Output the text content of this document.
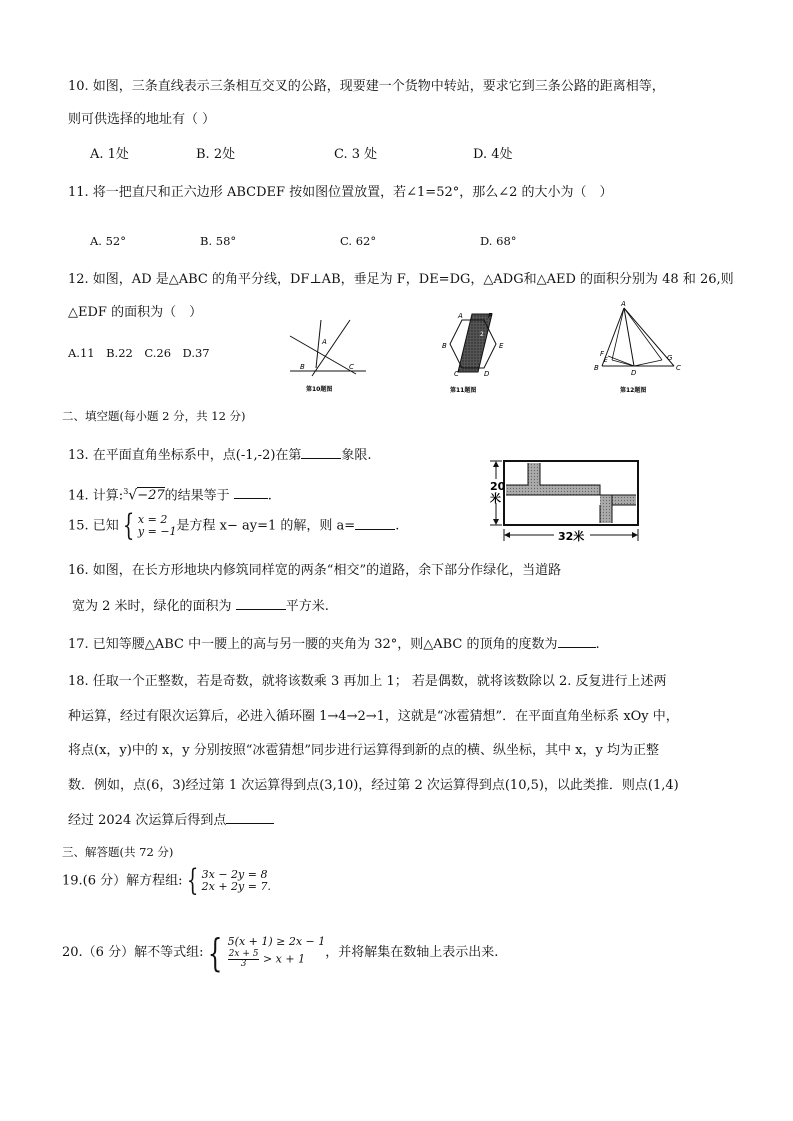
10. 如图，三条直线表示三条相互交叉的公路，现要建一个货物中转站，要求它到三条公路的距离相等，
则可供选择的地址有（ ）
A. 1处	B. 2处	C. 3 处	D. 4处
11. 将一把直尺和正六边形 ABCDEF 按如图位置放置，若∠1=52°，那么∠2 的大小为（　）
A. 52°	B. 58°	C. 62°	D. 68°
12. 如图，AD 是△ABC 的角平分线，DF⊥AB，垂足为 F，DE=DG，△ADG和△AED 的面积分别为 48 和 26,则
△EDF 的面积为（　）
A.11　B.22　C.26　D.37
A
B	C
第10题图
A
B
C	D
E
F
1
2
第11题图
A
F	G
B
D
C
E
第12题图
二、填空题(每小题 2 分，共 12 分)
13. 在平面直角坐标系中，点(-1,-2)在第	象限.
14. 计算:$^3$√−27的结果等于	.
15. 已知 { x = 2
y = −1 是方程 x− ay=1 的解，则 a=	.
20
米
32米
16. 如图，在长方形地块内修筑同样宽的两条“相交”的道路，余下部分作绿化，当道路
宽为 2 米时，绿化的面积为	平方米.
17. 已知等腰△ABC 中一腰上的高与另一腰的夹角为 32°，则△ABC 的顶角的度数为	.
18. 任取一个正整数，若是奇数，就将该数乘 3 再加上 1； 若是偶数，就将该数除以 2. 反复进行上述两
种运算，经过有限次运算后，必进入循环圈 1→4→2→1，这就是“冰雹猜想”．在平面直角坐标系 xOy 中，
将点(x，y)中的 x，y 分别按照“冰雹猜想”同步进行运算得到新的点的横、纵坐标，其中 x，y 均为正整
数．例如，点(6，3)经过第 1 次运算得到点(3,10)，经过第 2 次运算得到点(10,5)，以此类推．则点(1,4)
经过 2024 次运算后得到点
三、解答题(共 72 分)
19.(6 分）解方程组: { 3x − 2y = 8
2x + 2y = 7.
20.（6 分）解不等式组: { 5(x + 1) ≥ 2x − 1
$\frac{2x + 5}{3} > x + 1$	，并将解集在数轴上表示出来.
